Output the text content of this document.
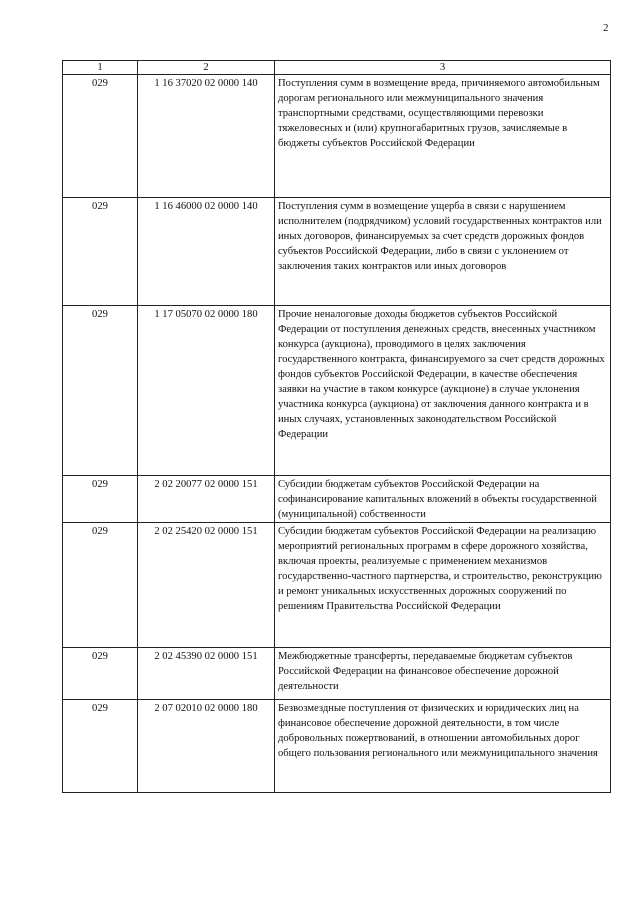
2
1	2	3
029	1 16 37020 02 0000 140	Поступления сумм в возмещение вреда, причиняемого автомобильным дорогам регионального или межмуниципального значения транспортными средствами, осуществляющими перевозки тяжеловесных и (или) крупногабаритных грузов, зачисляемые в бюджеты субъектов Российской Федерации
029	1 16 46000 02 0000 140	Поступления сумм в возмещение ущерба в связи с нарушением исполнителем (подрядчиком) условий государственных контрактов или иных договоров, финансируемых за счет средств дорожных фондов субъектов Российской Федерации, либо в связи с уклонением от заключения таких контрактов или иных договоров
029	1 17 05070 02 0000 180	Прочие неналоговые доходы бюджетов субъектов Российской Федерации от поступления денежных средств, внесенных участником конкурса (аукциона), проводимого в целях заключения государственного контракта, финансируемого за счет средств дорожных фондов субъектов Российской Федерации, в качестве обеспечения заявки на участие в таком конкурсе (аукционе) в случае уклонения участника конкурса (аукциона) от заключения данного контракта и в иных случаях, установленных законодательством Российской Федерации
029	2 02 20077 02 0000 151	Субсидии бюджетам субъектов Российской Федерации на софинансирование капитальных вложений в объекты государственной (муниципальной) собственности
029	2 02 25420 02 0000 151	Субсидии бюджетам субъектов Российской Федерации на реализацию мероприятий региональных программ в сфере дорожного хозяйства, включая проекты, реализуемые с применением механизмов государственно-частного партнерства, и строительство, реконструкцию и ремонт уникальных искусственных дорожных сооружений по решениям Правительства Российской Федерации
029	2 02 45390 02 0000 151	Межбюджетные трансферты, передаваемые бюджетам субъектов Российской Федерации на финансовое обеспечение дорожной деятельности
029	2 07 02010 02 0000 180	Безвозмездные поступления от физических и юридических лиц на финансовое обеспечение дорожной деятельности, в том числе добровольных пожертвований, в отношении автомобильных дорог общего пользования регионального или межмуниципального значения
